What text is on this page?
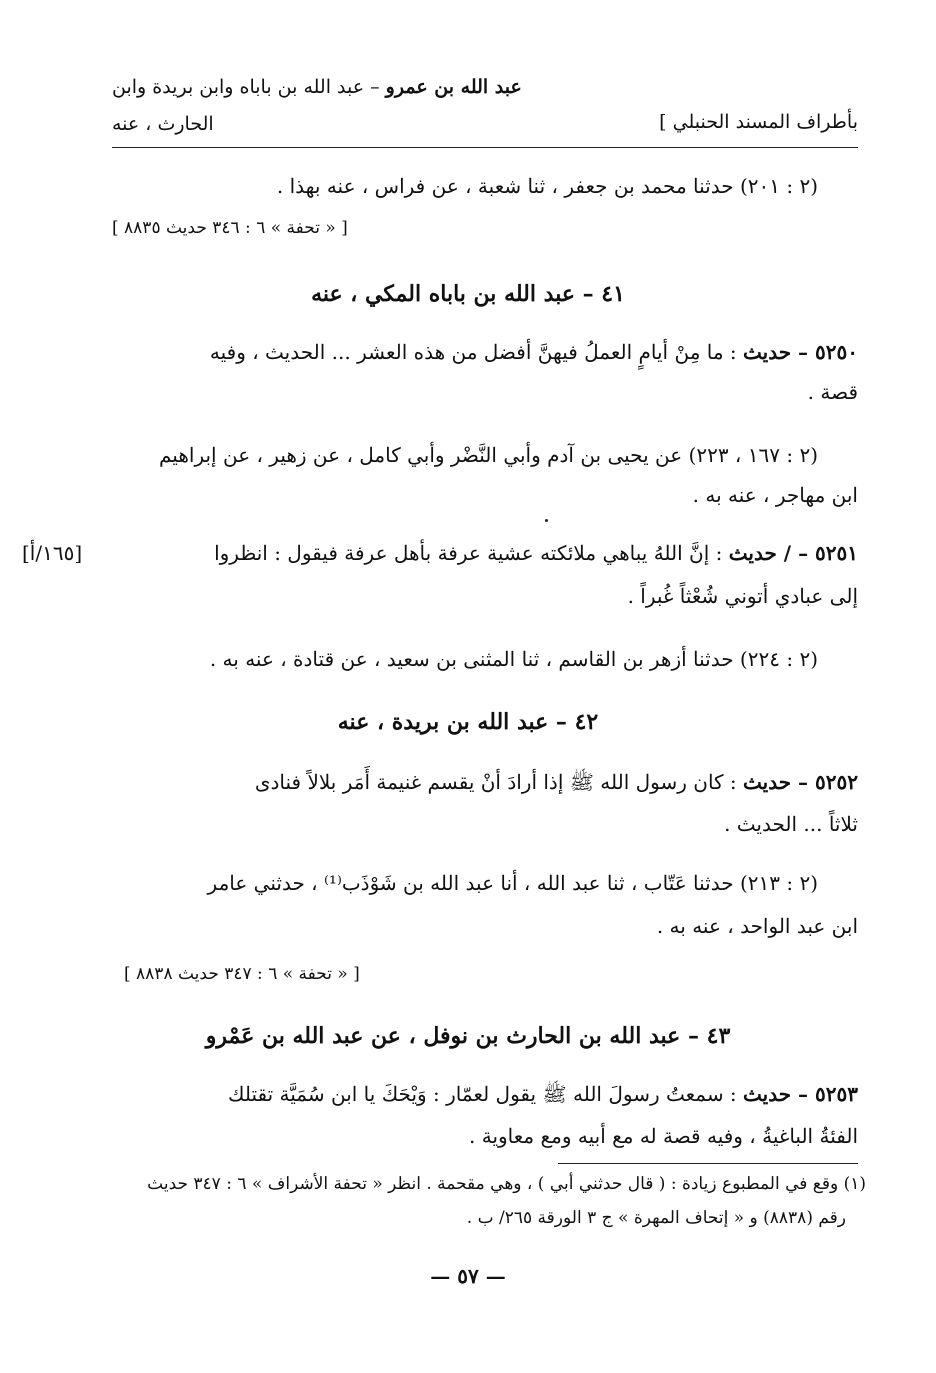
بأطراف المسند الحنبلي ]
عبد الله بن عمرو – عبد الله بن باباه وابن بريدة وابن
الحارث ، عنه
(٢ : ٢٠١) حدثنا محمد بن جعفر ، ثنا شعبة ، عن فراس ، عنه بهذا .
[ « تحفة » ٦ : ٣٤٦ حديث ٨٨٣٥ ]
٤١ – عبد الله بن باباه المكي ، عنه
٥٢٥٠ – حديث : ما مِنْ أيامٍ العملُ فيهنَّ أفضل من هذه العشر ... الحديث ، وفيه
قصة .
(٢ : ١٦٧ ، ٢٢٣) عن يحيى بن آدم وأبي النَّضْر وأبي كامل ، عن زهير ، عن إبراهيم
ابن مهاجر ، عنه به .
٥٢٥١ – / حديث : إنَّ اللهُ يباهي ملائكته عشية عرفة بأهل عرفة فيقول : انظروا
[١٦٥/أ]
إلى عبادي أتوني شُعْثاً غُبراً .
(٢ : ٢٢٤) حدثنا أزهر بن القاسم ، ثنا المثنى بن سعيد ، عن قتادة ، عنه به .
٤٢ – عبد الله بن بريدة ، عنه
٥٢٥٢ – حديث : كان رسول الله ﷺ إذا أرادَ أنْ يقسم غنيمة أَمَر بلالاً فنادى
ثلاثاً ... الحديث .
(٢ : ٢١٣) حدثنا عَتّاب ، ثنا عبد الله ، أنا عبد الله بن شَوْذَب⁽¹⁾ ، حدثني عامر
ابن عبد الواحد ، عنه به .
[ « تحفة » ٦ : ٣٤٧ حديث ٨٨٣٨ ]
٤٣ – عبد الله بن الحارث بن نوفل ، عن عبد الله بن عَمْرو
٥٢٥٣ – حديث : سمعتُ رسولَ الله ﷺ يقول لعمّار : وَيْحَكَ يا ابن سُمَيَّة تقتلك
الفئةُ الباغيةُ ، وفيه قصة له مع أبيه ومع معاوية .
(١) وقع في المطبوع زيادة : ( قال حدثني أبي ) ، وهي مقحمة . انظر « تحفة الأشراف » ٦ : ٣٤٧ حديث
رقم (٨٨٣٨) و « إتحاف المهرة » ج ٣ الورقة ٢٦٥/ ب .
— ٥٧ —
